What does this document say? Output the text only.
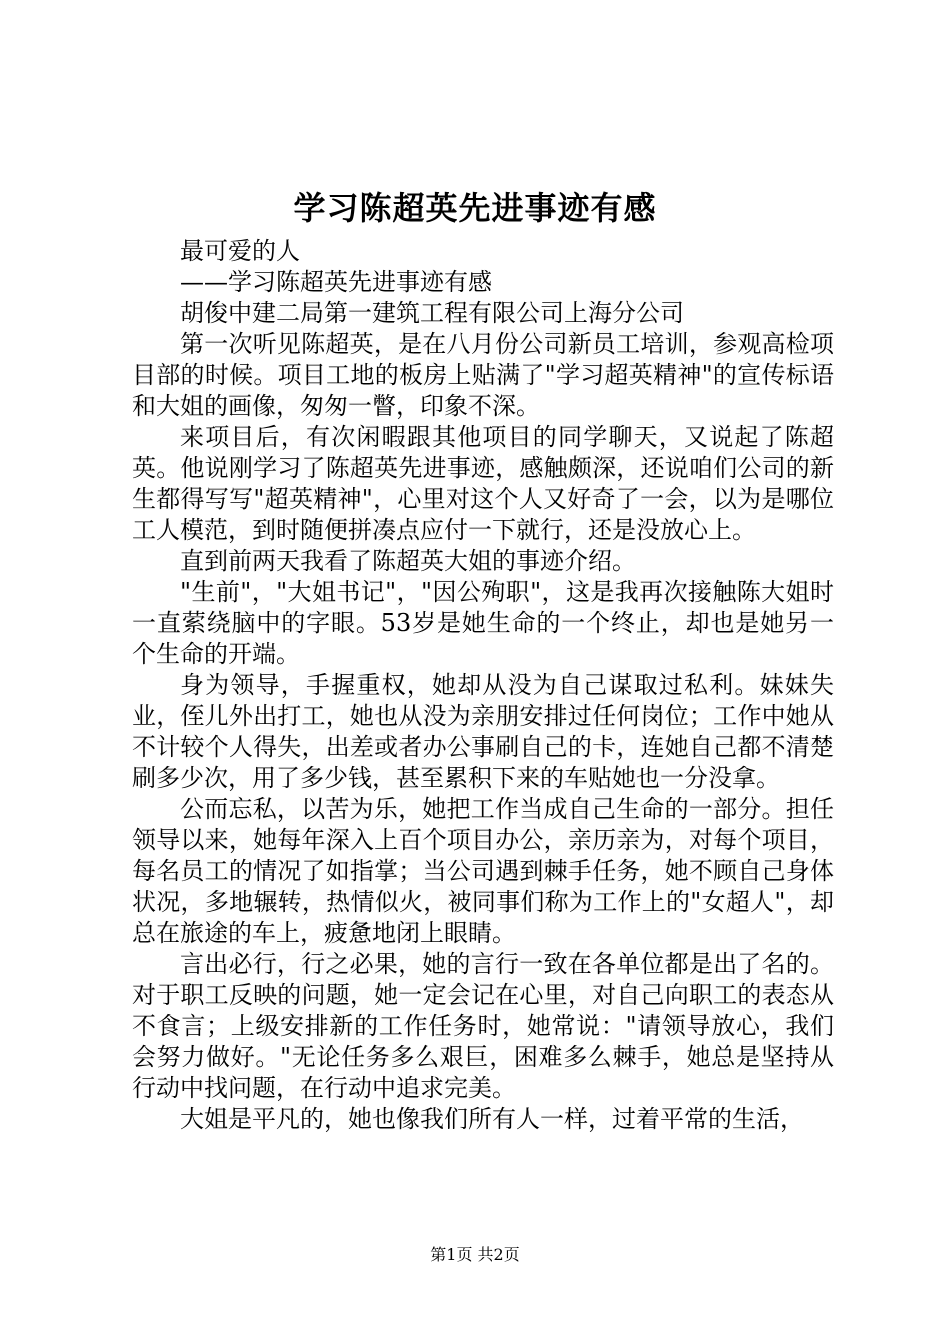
学习陈超英先进事迹有感

最可爱的人

——学习陈超英先进事迹有感

胡俊中建二局第一建筑工程有限公司上海分公司

第一次听见陈超英，是在八月份公司新员工培训，参观高检项目部的时候。项目工地的板房上贴满了"学习超英精神"的宣传标语和大姐的画像，匆匆一瞥，印象不深。

来项目后，有次闲暇跟其他项目的同学聊天，又说起了陈超英。他说刚学习了陈超英先进事迹，感触颇深，还说咱们公司的新生都得写写"超英精神"，心里对这个人又好奇了一会，以为是哪位工人模范，到时随便拼凑点应付一下就行，还是没放心上。

直到前两天我看了陈超英大姐的事迹介绍。

"生前"，"大姐书记"，"因公殉职"，这是我再次接触陈大姐时一直萦绕脑中的字眼。53岁是她生命的一个终止，却也是她另一个生命的开端。

身为领导，手握重权，她却从没为自己谋取过私利。妹妹失业，侄儿外出打工，她也从没为亲朋安排过任何岗位；工作中她从不计较个人得失，出差或者办公事刷自己的卡，连她自己都不清楚刷多少次，用了多少钱，甚至累积下来的车贴她也一分没拿。

公而忘私，以苦为乐，她把工作当成自己生命的一部分。担任领导以来，她每年深入上百个项目办公，亲历亲为，对每个项目，每名员工的情况了如指掌；当公司遇到棘手任务，她不顾自己身体状况，多地辗转，热情似火，被同事们称为工作上的"女超人"，却总在旅途的车上，疲惫地闭上眼睛。

言出必行，行之必果，她的言行一致在各单位都是出了名的。对于职工反映的问题，她一定会记在心里，对自己向职工的表态从不食言；上级安排新的工作任务时，她常说："请领导放心，我们会努力做好。"无论任务多么艰巨，困难多么棘手，她总是坚持从行动中找问题，在行动中追求完美。

大姐是平凡的，她也像我们所有人一样，过着平常的生活，

第1页 共2页
